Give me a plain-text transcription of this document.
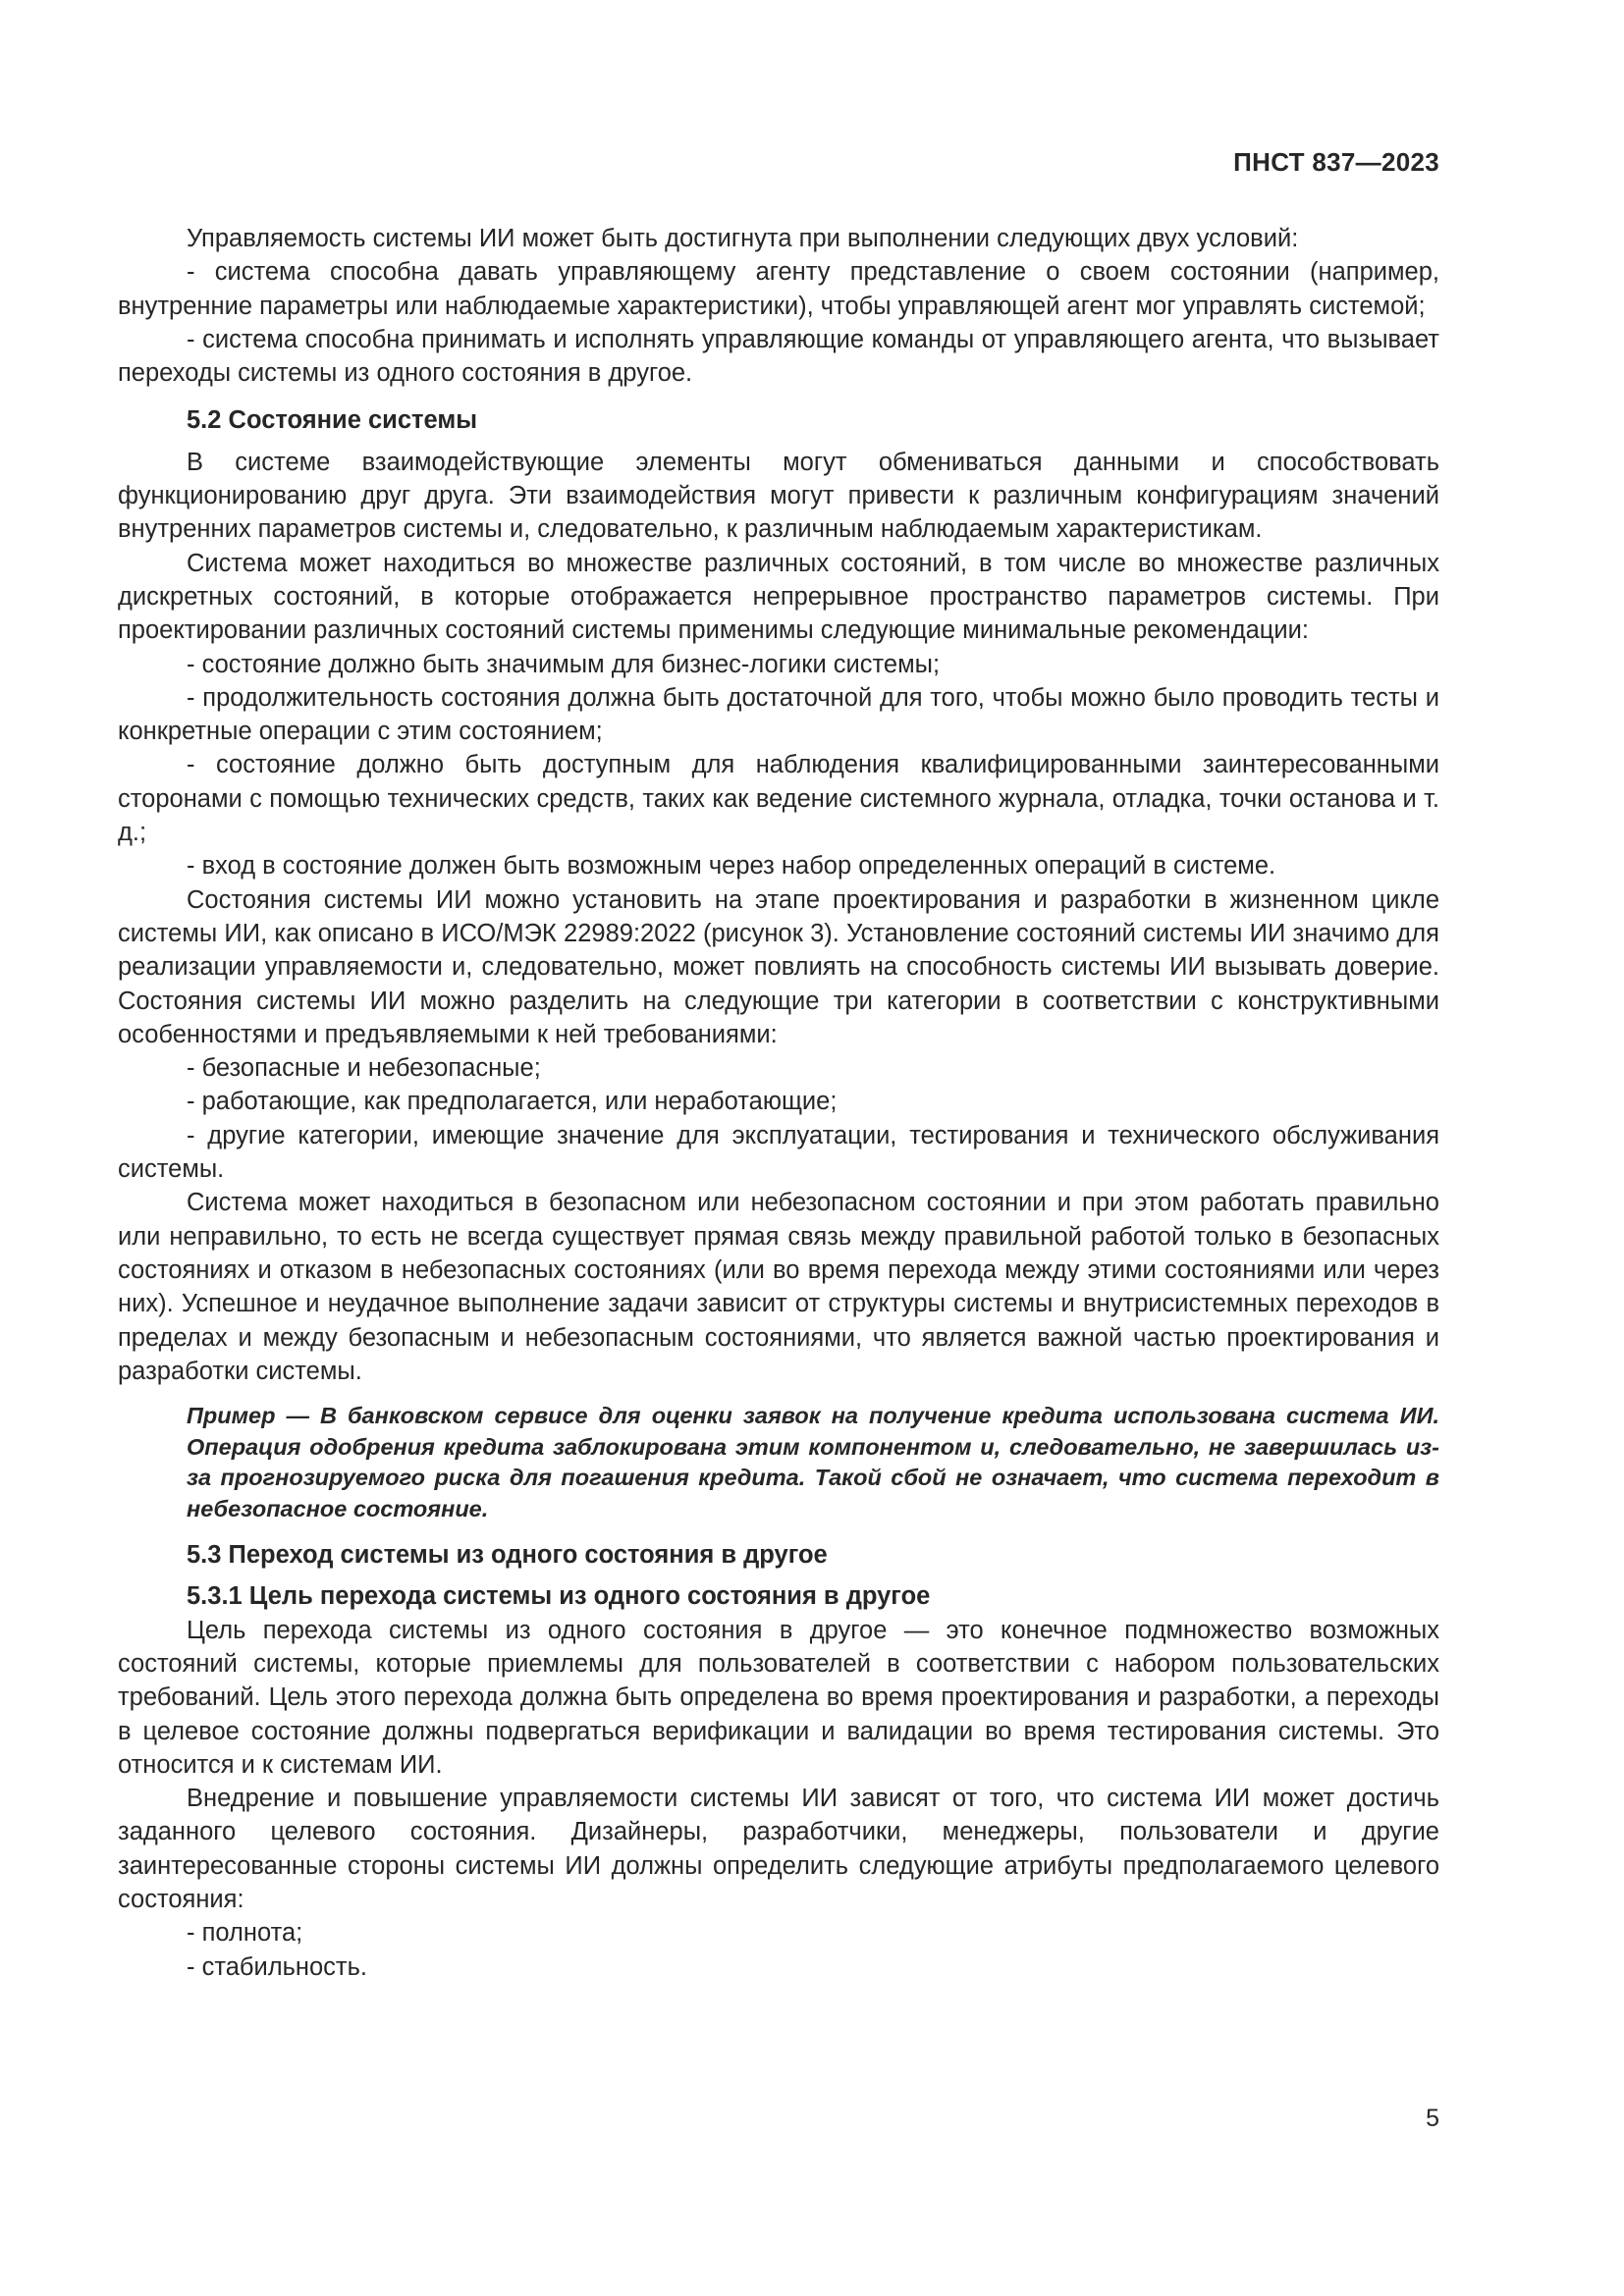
ПНСТ 837—2023

Управляемость системы ИИ может быть достигнута при выполнении следующих двух условий:

- система способна давать управляющему агенту представление о своем состоянии (например, внутренние параметры или наблюдаемые характеристики), чтобы управляющей агент мог управлять системой;

- система способна принимать и исполнять управляющие команды от управляющего агента, что вызывает переходы системы из одного состояния в другое.

5.2 Состояние системы

В системе взаимодействующие элементы могут обмениваться данными и способствовать функционированию друг друга. Эти взаимодействия могут привести к различным конфигурациям значений внутренних параметров системы и, следовательно, к различным наблюдаемым характеристикам.

Система может находиться во множестве различных состояний, в том числе во множестве различных дискретных состояний, в которые отображается непрерывное пространство параметров системы. При проектировании различных состояний системы применимы следующие минимальные рекомендации:

- состояние должно быть значимым для бизнес-логики системы;

- продолжительность состояния должна быть достаточной для того, чтобы можно было проводить тесты и конкретные операции с этим состоянием;

- состояние должно быть доступным для наблюдения квалифицированными заинтересованными сторонами с помощью технических средств, таких как ведение системного журнала, отладка, точки останова и т. д.;

- вход в состояние должен быть возможным через набор определенных операций в системе.

Состояния системы ИИ можно установить на этапе проектирования и разработки в жизненном цикле системы ИИ, как описано в ИСО/МЭК 22989:2022 (рисунок 3). Установление состояний системы ИИ значимо для реализации управляемости и, следовательно, может повлиять на способность системы ИИ вызывать доверие. Состояния системы ИИ можно разделить на следующие три категории в соответствии с конструктивными особенностями и предъявляемыми к ней требованиями:

- безопасные и небезопасные;

- работающие, как предполагается, или неработающие;

- другие категории, имеющие значение для эксплуатации, тестирования и технического обслуживания системы.

Система может находиться в безопасном или небезопасном состоянии и при этом работать правильно или неправильно, то есть не всегда существует прямая связь между правильной работой только в безопасных состояниях и отказом в небезопасных состояниях (или во время перехода между этими состояниями или через них). Успешное и неудачное выполнение задачи зависит от структуры системы и внутрисистемных переходов в пределах и между безопасным и небезопасным состояниями, что является важной частью проектирования и разработки системы.

Пример — В банковском сервисе для оценки заявок на получение кредита использована система ИИ. Операция одобрения кредита заблокирована этим компонентом и, следовательно, не завершилась из-за прогнозируемого риска для погашения кредита. Такой сбой не означает, что система переходит в небезопасное состояние.

5.3 Переход системы из одного состояния в другое
5.3.1 Цель перехода системы из одного состояния в другое

Цель перехода системы из одного состояния в другое — это конечное подмножество возможных состояний системы, которые приемлемы для пользователей в соответствии с набором пользовательских требований. Цель этого перехода должна быть определена во время проектирования и разработки, а переходы в целевое состояние должны подвергаться верификации и валидации во время тестирования системы. Это относится и к системам ИИ.

Внедрение и повышение управляемости системы ИИ зависят от того, что система ИИ может достичь заданного целевого состояния. Дизайнеры, разработчики, менеджеры, пользователи и другие заинтересованные стороны системы ИИ должны определить следующие атрибуты предполагаемого целевого состояния:

- полнота;

- стабильность.

5
